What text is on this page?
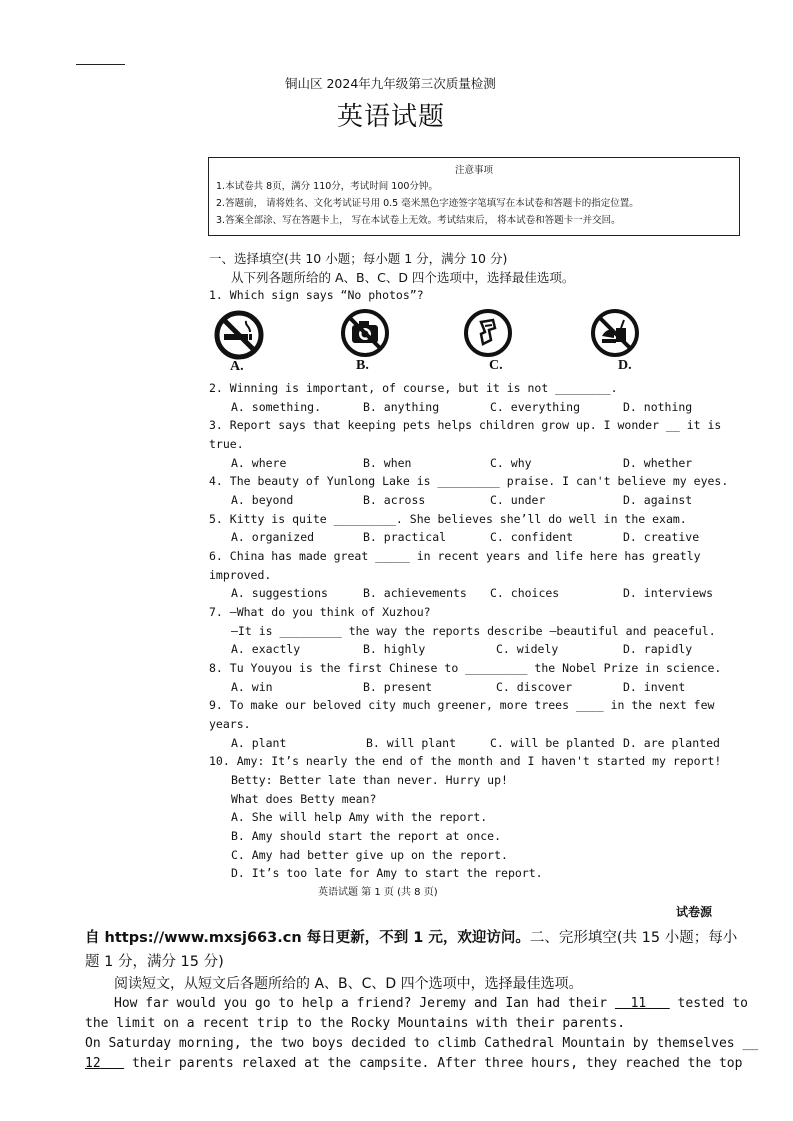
铜山区 2024年九年级第三次质量检测
英语试题
注意事项
1.本试卷共 8页，满分 110分，考试时间 100分钟。
2.答题前， 请将姓名、文化考试证号用 0.5 毫米黑色字迹签字笔填写在本试卷和答题卡的指定位置。
3.答案全部涂、写在答题卡上， 写在本试卷上无效。考试结束后， 将本试卷和答题卡一并交回。
一、选择填空(共 10 小题；每小题 1 分，满分 10 分)
从下列各题所给的 A、B、C、D 四个选项中，选择最佳选项。
1. Which sign says “No photos”?
A.	B.	C.	D.
2. Winning is important, of course, but it is not ________.
A. something.	B. anything	C. everything	D. nothing
3. Report says that keeping pets helps children grow up. I wonder __ it is
true.
A. where	B. when	C. why	D. whether
4. The beauty of Yunlong Lake is _________ praise. I can't believe my eyes.
A. beyond	B. across	C. under	D. against
5. Kitty is quite _________. She believes she’ll do well in the exam.
A. organized	B. practical	C. confident	D. creative
6. China has made great _____ in recent years and life here has greatly
improved.
A. suggestions	B. achievements C. choices	D. interviews
7. —What do you think of Xuzhou?
—It is _________ the way the reports describe —beautiful and peaceful.
A. exactly	B. highly	C. widely	D. rapidly
8. Tu Youyou is the first Chinese to _________ the Nobel Prize in science.
A. win	B. present	C. discover	D. invent
9. To make our beloved city much greener, more trees ____ in the next few
years.
A. plant	B. will plant	C. will be planted D. are planted
10. Amy: It’s nearly the end of the month and I haven't started my report!
Betty: Better late than never. Hurry up!
What does Betty mean?
A. She will help Amy with the report.
B. Amy should start the report at once.
C. Amy had better give up on the report.
D. It’s too late for Amy to start the report.
英语试题 第 1 页 (共 8 页)
试卷源
自 https://www.mxsj663.cn 每日更新，不到 1 元，欢迎访问。二、完形填空(共 15 小题；每小
题 1 分，满分 15 分)
阅读短文，从短文后各题所给的 A、B、C、D 四个选项中，选择最佳选项。
How far would you go to help a friend? Jeremy and Ian had their 11 tested to
the limit on a recent trip to the Rocky Mountains with their parents.
On Saturday morning, the two boys decided to climb Cathedral Mountain by themselves __
12 their parents relaxed at the campsite. After three hours, they reached the top
